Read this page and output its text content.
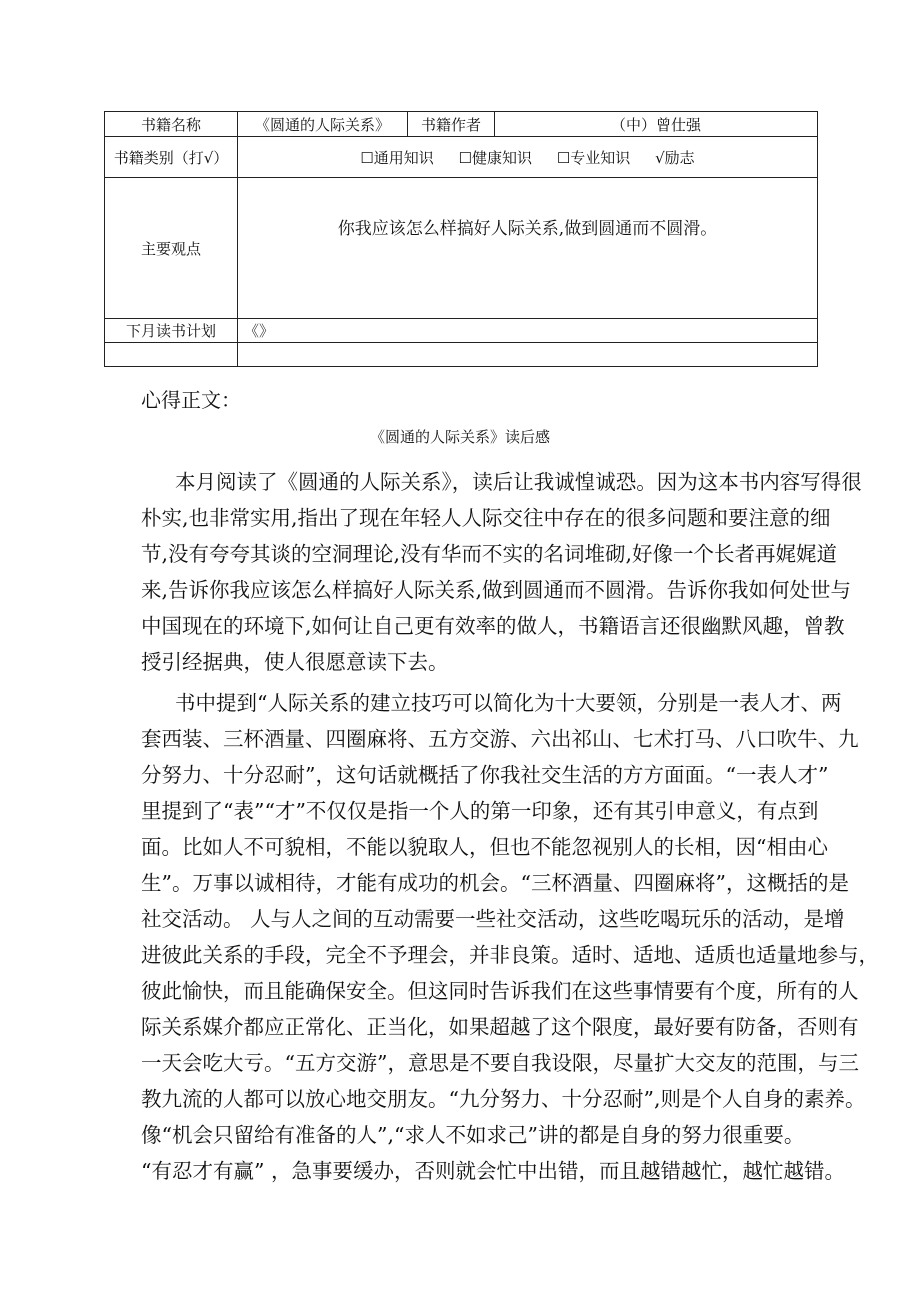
书籍名称	《圆通的人际关系》	书籍作者	（中）曾仕强
书籍类别（打√）	☐通用知识 ☐健康知识 ☐专业知识 √励志		
主要观点	你我应该怎么样搞好人际关系,做到圆通而不圆滑。		
下月读书计划	《》		

心得正文：
《圆通的人际关系》读后感
本月阅读了《圆通的人际关系》，读后让我诚惶诚恐。因为这本书内容写得很
朴实,也非常实用,指出了现在年轻人人际交往中存在的很多问题和要注意的细
节,没有夸夸其谈的空洞理论,没有华而不实的名词堆砌,好像一个长者再娓娓道
来,告诉你我应该怎么样搞好人际关系,做到圆通而不圆滑。告诉你我如何处世与
中国现在的环境下,如何让自己更有效率的做人，书籍语言还很幽默风趣，曾教
授引经据典，使人很愿意读下去。
书中提到“人际关系的建立技巧可以简化为十大要领，分别是一表人才、两
套西装、三杯酒量、四圈麻将、五方交游、六出祁山、七术打马、八口吹牛、九
分努力、十分忍耐”，这句话就概括了你我社交生活的方方面面。“一表人才”
里提到了“表”“才”不仅仅是指一个人的第一印象，还有其引申意义，有点到
面。比如人不可貌相，不能以貌取人，但也不能忽视别人的长相，因“相由心
生”。万事以诚相待，才能有成功的机会。“三杯酒量、四圈麻将”，这概括的是
社交活动。 人与人之间的互动需要一些社交活动，这些吃喝玩乐的活动，是增
进彼此关系的手段，完全不予理会，并非良策。适时、适地、适质也适量地参与，
彼此愉快，而且能确保安全。但这同时告诉我们在这些事情要有个度，所有的人
际关系媒介都应正常化、正当化，如果超越了这个限度，最好要有防备，否则有
一天会吃大亏。“五方交游”，意思是不要自我设限，尽量扩大交友的范围，与三
教九流的人都可以放心地交朋友。“九分努力、十分忍耐”,则是个人自身的素养。
像“机会只留给有准备的人”,“求人不如求己”讲的都是自身的努力很重要。
“有忍才有赢” ，急事要缓办，否则就会忙中出错，而且越错越忙，越忙越错。
